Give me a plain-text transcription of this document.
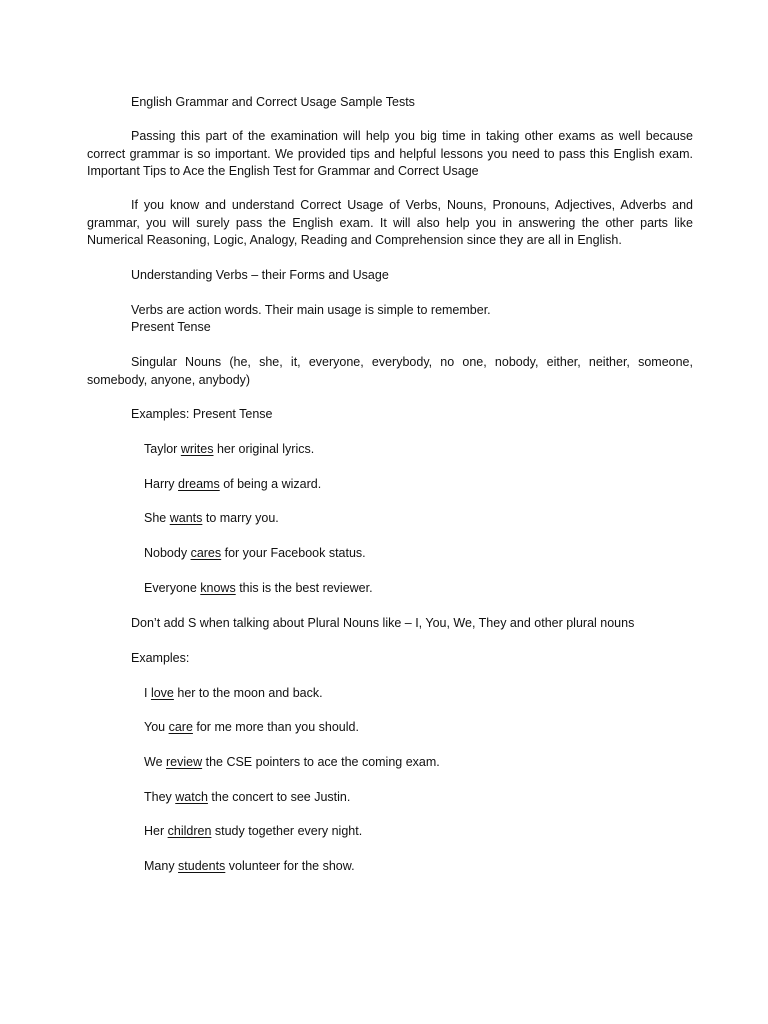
English Grammar and Correct Usage Sample Tests
Passing this part of the examination will help you big time in taking other exams as well because correct grammar is so important. We provided tips and helpful lessons you need to pass this English exam. Important Tips to Ace the English Test for Grammar and Correct Usage
If you know and understand Correct Usage of Verbs, Nouns, Pronouns, Adjectives, Adverbs and grammar, you will surely pass the English exam. It will also help you in answering the other parts like Numerical Reasoning, Logic, Analogy, Reading and Comprehension since they are all in English.
Understanding Verbs – their Forms and Usage
Verbs are action words. Their main usage is simple to remember.
Present Tense
Singular Nouns (he, she, it, everyone, everybody, no one, nobody, either, neither, someone, somebody, anyone, anybody)
Examples: Present Tense
Taylor writes her original lyrics.
Harry dreams of being a wizard.
She wants to marry you.
Nobody cares for your Facebook status.
Everyone knows this is the best reviewer.
Don’t add S when talking about Plural Nouns like – I, You, We, They and other plural nouns
Examples:
I love her to the moon and back.
You care for me more than you should.
We review the CSE pointers to ace the coming exam.
They watch the concert to see Justin.
Her children study together every night.
Many students volunteer for the show.
